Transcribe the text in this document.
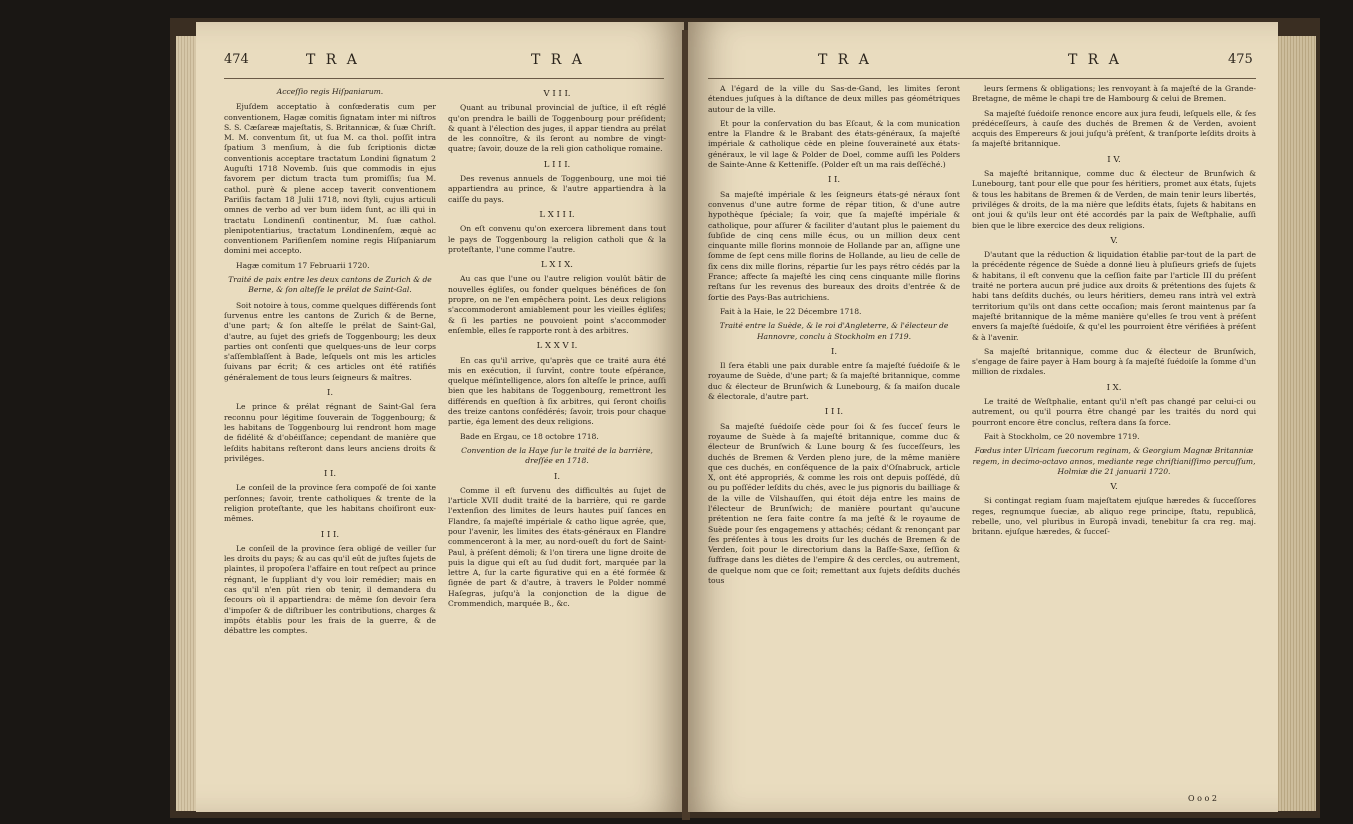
474	T R A	T R A

Acceſſio regis Hiſpaniarum.

Ejuſdem acceptatio à confœderatis cum per conventionem, Hagæ comitis ſignatam inter mi niſtros S. S. Cæſareæ majeſtatis, S. Britannicæ, & ſuæ Chriſt. M. M. conventum ſit, ut ſua M. ca thol. poſſit intra ſpatium 3 menſium, à die ſub ſcriptionis dictæ conventionis acceptare tractatum Londini ſignatum 2 Auguſti 1718 Novemb. ſuis que commodis in ejus favorem per dictum tracta tum promiſſis; ſua M. cathol. purè & plene accep taverit conventionem Pariſiis factam 18 Julii 1718, novi ſtyli, cujus articuli omnes de verbo ad ver bum iidem ſunt, ac illi qui in tractatu Londinenſi continentur, M. ſuæ cathol. plenipotentiarius, tractatum Londinenſem, æquè ac conventionem Pariſienſem nomine regis Hiſpaniarum domini mei accepto.

Hagæ comitum 17 Februarii 1720.

Traité de paix entre les deux cantons de Zurich & de Berne, & ſon alteſſe le prélat de Saint-Gal.

Soit notoire à tous, comme quelques différends ſont ſurvenus entre les cantons de Zurich & de Berne, d'une part; & ſon alteſſe le prélat de Saint-Gal, d'autre, au ſujet des griefs de Toggenbourg; les deux parties ont conſenti que quelques-uns de leur corps s'aſſemblaſſent à Bade, leſquels ont mis les articles ſuivans par écrit; & ces articles ont été ratifiés généralement de tous leurs ſeigneurs & maîtres.

I.

Le prince & prélat régnant de Saint-Gal ſera reconnu pour légitime ſouverain de Toggenbourg; & les habitans de Toggenbourg lui rendront hom mage de fidélité & d'obéiſſance; cependant de manière que leſdits habitans reſteront dans leurs anciens droits & priviléges.

I I.

Le conſeil de la province ſera compoſé de ſoi xante perſonnes; ſavoir, trente catholiques & trente de la religion proteſtante, que les habitans choiſiront eux-mêmes.

I I I.

Le conſeil de la province ſera obligé de veiller ſur les droits du pays; & au cas qu'il eût de juſtes ſujets de plaintes, il propoſera l'affaire en tout reſpect au prince régnant, le ſuppliant d'y vou loir remédier; mais en cas qu'il n'en pût rien ob tenir, il demandera du ſecours où il appartiendra: de même ſon devoir ſera d'impoſer & de diſtribuer les contributions, charges & impôts établis pour les frais de la guerre, & de débattre les comptes.

V I I I.

Quant au tribunal provincial de juſtice, il eſt réglé qu'on prendra le bailli de Toggenbourg pour préſident; & quant à l'élection des juges, il appar tiendra au prélat de les connoître, & ils ſeront au nombre de vingt-quatre; ſavoir, douze de la reli gion catholique romaine.

L I I I.

Des revenus annuels de Toggenbourg, une moi tié appartiendra au prince, & l'autre appartiendra à la caiſſe du pays.

L X I I I.

On eſt convenu qu'on exercera librement dans tout le pays de Toggenbourg la religion catholi que & la proteſtante, l'une comme l'autre.

L X I X.

Au cas que l'une ou l'autre religion voulût bâtir de nouvelles égliſes, ou fonder quelques bénéfices de ſon propre, on ne l'en empêchera point. Les deux religions s'accommoderont amiablement pour les vieilles égliſes; & ſi les parties ne pouvoient point s'accommoder enſemble, elles ſe rapporte ront à des arbitres.

L X X V I.

En cas qu'il arrive, qu'après que ce traité aura été mis en exécution, il ſurvînt, contre toute eſpérance, quelque méſintelligence, alors ſon alteſſe le prince, auſſi bien que les habitans de Toggenbourg, remettront les différends en queſtion à ſix arbitres, qui ſeront choiſis des treize cantons confédérés; ſavoir, trois pour chaque partie, éga lement des deux religions.

Bade en Ergau, ce 18 octobre 1718.

Convention de la Haye ſur le traité de la barrière, dreſſée en 1718.

I.

Comme il eſt ſurvenu des difficultés au ſujet de l'article XVII dudit traité de la barrière, qui re garde l'extenſion des limites de leurs hautes puiſ ſances en Flandre, ſa majeſté impériale & catho lique agrée, que, pour l'avenir, les limites des états-généraux en Flandre commenceront à la mer, au nord-oueſt du fort de Saint-Paul, à préſent démoli; & l'on tirera une ligne droite de puis la digue qui eſt au ſud dudit fort, marquée par la lettre A, ſur la carte figurative qui en a été formée & ſignée de part & d'autre, à travers le Polder nommé Haſegras, juſqu'à la conjonction de la digue de Crommendich, marquée B., &c.

T R A	T R A	475

A l'égard de la ville du Sas-de-Gand, les limites ſeront étendues juſques à la diſtance de deux milles pas géométriques autour de la ville.

Et pour la conſervation du bas Eſcaut, & la com munication entre la Flandre & le Brabant des états-généraux, ſa majeſté impériale & catholique cède en pleine ſouveraineté aux états-généraux, le vil lage & Polder de Doel, comme auſſi les Polders de Sainte-Anne & Kettenifſe. (Polder eſt un ma rais deſſéché.)

I I.

Sa majeſté impériale & les ſeigneurs états-gé néraux ſont convenus d'une autre forme de répar tition, & d'une autre hypothèque ſpéciale; ſa voir, que ſa majeſté impériale & catholique, pour aſſurer & faciliter d'autant plus le paiement du ſubſide de cinq cens mille écus, ou un million deux cent cinquante mille florins monnoie de Hollande par an, aſſigne une ſomme de ſept cens mille florins de Hollande, au lieu de celle de ſix cens dix mille florins, répartie ſur les pays rétro cédés par la France; affecte ſa majeſté les cinq cens cinquante mille florins reſtans ſur les revenus des bureaux des droits d'entrée & de ſortie des Pays-Bas autrichiens.

Fait à la Haie, le 22 Décembre 1718.

Traité entre la Suède, & le roi d'Angleterre, & l'électeur de Hannovre, conclu à Stockholm en 1719.

I.

Il ſera établi une paix durable entre ſa majeſté ſuédoiſe & le royaume de Suède, d'une part; & ſa majeſté britannique, comme duc & électeur de Brunſwich & Lunebourg, & ſa maiſon ducale & électorale, d'autre part.

I I I.

Sa majeſté ſuédoiſe cède pour ſoi & ſes ſucceſ ſeurs le royaume de Suède à ſa majeſté britannique, comme duc & électeur de Brunſwich & Lune bourg & ſes ſucceſſeurs, les duchés de Bremen & Verden pleno jure, de la même manière que ces duchés, en conſéquence de la paix d'Oſnabruck, article X, ont été appropriés, & comme les rois ont depuis poſſédé, dû ou pu poſſéder leſdits du chés, avec le jus pignoris du bailliage & de la ville de Vilshauſſen, qui étoit déja entre les mains de l'électeur de Brunſwich; de manière pourtant qu'aucune prétention ne ſera faite contre ſa ma jeſté & le royaume de Suède pour ſes engagemens y attachés; cédant & renonçant par ſes préſentes à tous les droits ſur les duchés de Bremen & de Verden, ſoit pour le directorium dans la Baſſe-Saxe, ſeſſion & ſuffrage dans les diètes de l'empire & des cercles, ou autrement, de quelque nom que ce ſoit; remettant aux ſujets deſdits duchés tous

leurs ſermens & obligations; les renvoyant à ſa majeſté de la Grande-Bretagne, de même le chapi tre de Hambourg & celui de Bremen.

Sa majeſté ſuédoiſe renonce encore aux jura feudi, leſquels elle, & ſes prédéceſſeurs, à cauſe des duchés de Bremen & de Verden, avoient acquis des Empereurs & joui juſqu'à préſent, & tranſporte leſdits droits à ſa majeſté britannique.

I V.

Sa majeſté britannique, comme duc & électeur de Brunſwich & Lunebourg, tant pour elle que pour ſes héritiers, promet aux états, ſujets & tous les habitans de Bremen & de Verden, de main tenir leurs libertés, priviléges & droits, de la ma nière que leſdits états, ſujets & habitans en ont joui & qu'ils leur ont été accordés par la paix de Weſtphalie, auſſi bien que le libre exercice des deux religions.

V.

D'autant que la réduction & liquidation établie par-tout de la part de la précédente régence de Suède a donné lieu à pluſieurs griefs de ſujets & habitans, il eſt convenu que la ceſſion faite par l'article III du préſent traité ne portera aucun pré judice aux droits & prétentions des ſujets & habi tans deſdits duchés, ou leurs héritiers, demeu rans intrà vel extrà territorium qu'ils ont dans cette occaſion; mais ſeront maintenus par ſa majeſté britannique de la même manière qu'elles ſe trou vent à préſent envers ſa majeſté ſuédoiſe, & qu'el les pourroient être vérifiées à préſent & à l'avenir.

Sa majeſté britannique, comme duc & électeur de Brunſwich, s'engage de faire payer à Ham bourg à ſa majeſté ſuédoiſe la ſomme d'un million de rixdales.

I X.

Le traité de Weſtphalie, entant qu'il n'eſt pas changé par celui-ci ou autrement, ou qu'il pourra être changé par les traités du nord qui pourront encore être conclus, reſtera dans ſa force.

Fait à Stockholm, ce 20 novembre 1719.

Fœdus inter Ulricam ſuecorum reginam, & Georgium Magnæ Britanniæ regem, in decimo-octavo annos, mediante rege chriſtianiſſimo percuſſum, Holmiæ die 21 januarii 1720.

V.

Si contingat regiam ſuam majeſtatem ejuſque hæredes & ſucceſſores reges, regnumque ſueciæ, ab aliquo rege principe, ſtatu, republicâ, rebelle, uno, vel pluribus in Europâ invadi, tenebitur ſa cra reg. maj. britann. ejuſque hæredes, & ſucceſ-

O o o 2
